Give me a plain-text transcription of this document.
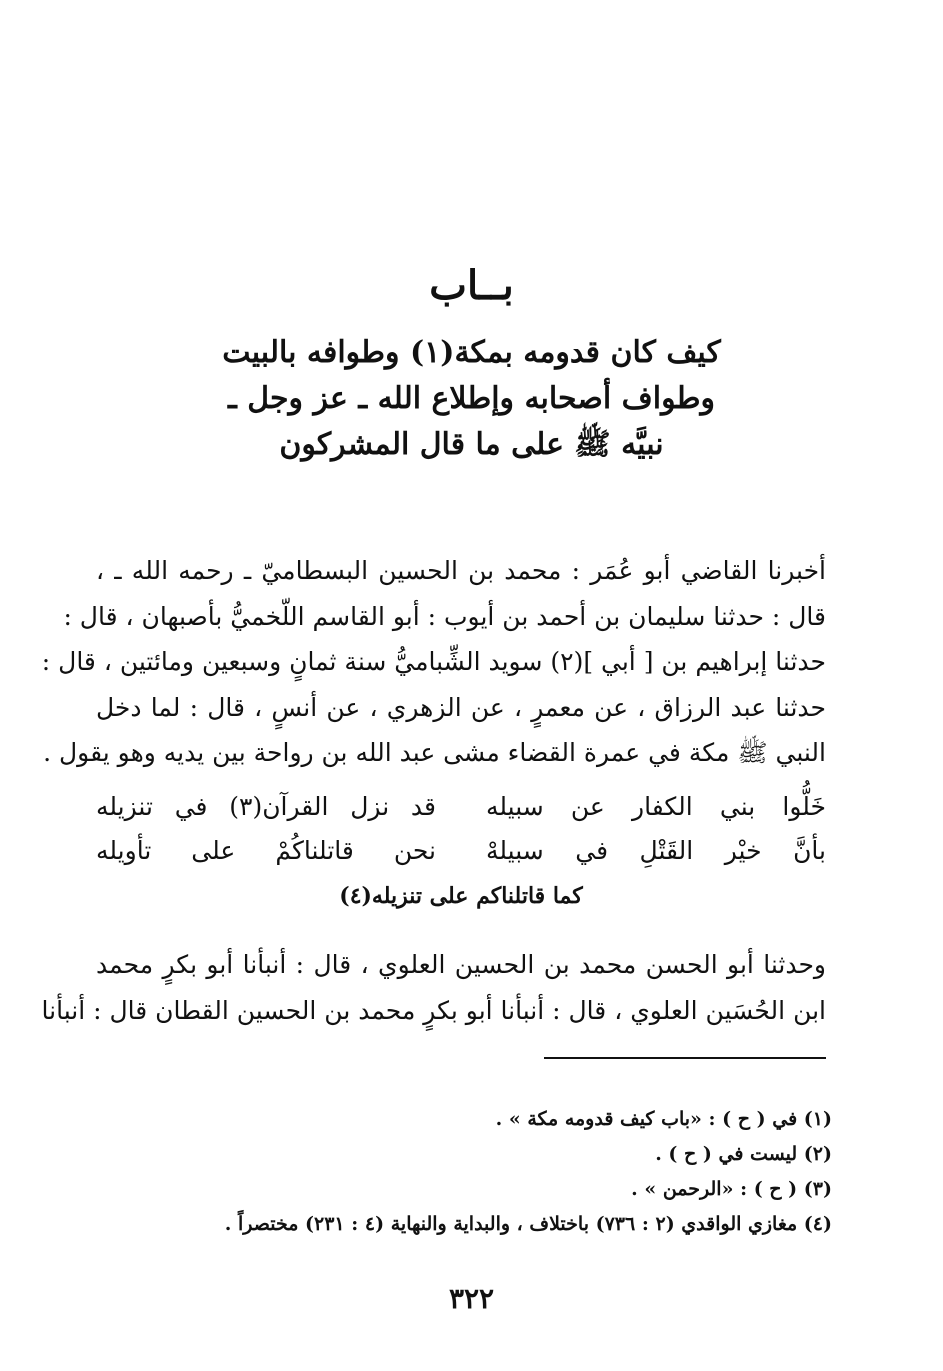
بــاب
كيف كان قدومه بمكة(١) وطوافه بالبيت
وطواف أصحابه وإطلاع الله ـ عز وجل ـ
نبيَّه ﷺ على ما قال المشركون
أخبرنا القاضي أبو عُمَر : محمد بن الحسين البسطاميّ ـ رحمه الله ـ ،
قال : حدثنا سليمان بن أحمد بن أيوب : أبو القاسم اللّخميُّ بأصبهان ، قال :
حدثنا إبراهيم بن [ أبي ](٢) سويد الشِّباميُّ سنة ثمانٍ وسبعين ومائتين ، قال :
حدثنا عبد الرزاق ، عن معمرٍ ، عن الزهري ، عن أنسٍ ، قال : لما دخل
النبي ﷺ مكة في عمرة القضاء مشى عبد الله بن رواحة بين يديه وهو يقول .
خَلُّوا بني الكفار عن سبيله
قد نزل القرآن(٣) في تنزيله
بأنَّ خيْر القَتْلِ في سبيلهْ
نحن قاتلناكُمْ على تأويله
كما قاتلناكم على تنزيله(٤)
وحدثنا أبو الحسن محمد بن الحسين العلوي ، قال : أنبأنا أبو بكرٍ محمد
ابن الحُسَين العلوي ، قال : أنبأنا أبو بكرٍ محمد بن الحسين القطان قال : أنبأنا
(١) في ( ح ) : «باب كيف قدومه مكة » .
(٢) ليست في ( ح ) .
(٣) ( ح ) : «الرحمن » .
(٤) مغازي الواقدي (٢ : ٧٣٦) باختلاف ، والبداية والنهاية (٤ : ٢٣١) مختصراً .
٣٢٢
